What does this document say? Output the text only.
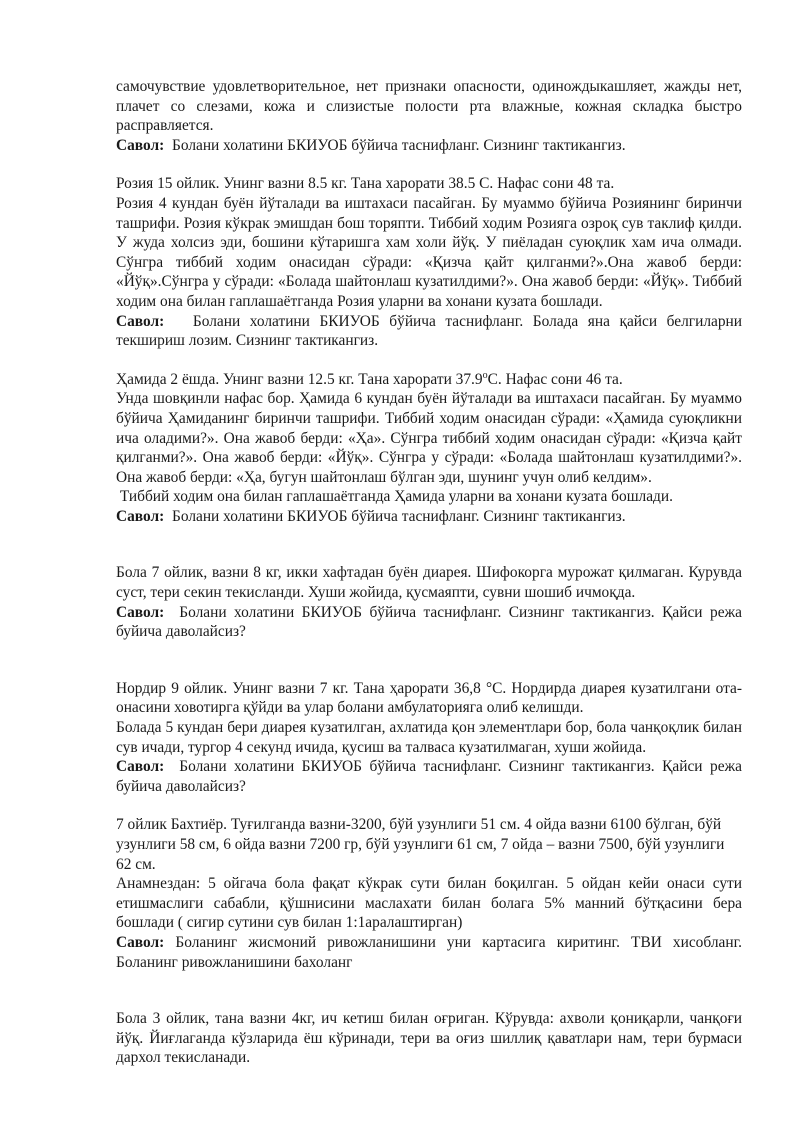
самочувствие удовлетворительное, нет признаки опасности, одинождыкашляет, жажды нет, плачет со слезами, кожа и слизистые полости рта влажные, кожная складка быстро расправляется.

Савол: Болани холатини БКИУОБ бўйича таснифланг. Сизнинг тактикангиз.

Розия 15 ойлик. Унинг вазни 8.5 кг. Тана харорати 38.5 С. Нафас сони 48 та.

Розия 4 кундан буён йўталади ва иштахаси пасайган. Бу муаммо бўйича Розиянинг биринчи ташрифи. Розия кўкрак эмишдан бош торяпти. Тиббий ходим Розияга озроқ сув таклиф қилди. У жуда холсиз эди, бошини кўтаришга хам холи йўқ. У пиёладан суюқлик хам ича олмади. Сўнгра тиббий ходим онасидан сўради: «Қизча қайт қилганми?».Она жавоб берди: «Йўқ».Сўнгра у сўради: «Болада шайтонлаш кузатилдими?». Она жавоб берди: «Йўқ». Тиббий ходим она билан гаплашаётганда Розия уларни ва хонани кузата бошлади.

Савол: Болани холатини БКИУОБ бўйича таснифланг. Болада яна қайси белгиларни текшириш лозим. Сизнинг тактикангиз.

Ҳамида 2 ёшда. Унинг вазни 12.5 кг. Тана харорати $37.9^оС$. Нафас сони 46 та.

Унда шовқинли нафас бор. Ҳамида 6 кундан буён йўталади ва иштахаси пасайган. Бу муаммо бўйича Ҳамиданинг биринчи ташрифи. Тиббий ходим онасидан сўради: «Ҳамида суюқликни ича оладими?». Она жавоб берди: «Ҳа». Сўнгра тиббий ходим онасидан сўради: «Қизча қайт қилганми?». Она жавоб берди: «Йўқ». Сўнгра у сўради: «Болада шайтонлаш кузатилдими?». Она жавоб берди: «Ҳа, бугун шайтонлаш бўлган эди, шунинг учун олиб келдим».

Тиббий ходим она билан гаплашаётганда Ҳамида уларни ва хонани кузата бошлади.

Савол: Болани холатини БКИУОБ бўйича таснифланг. Сизнинг тактикангиз.

Бола 7 ойлик, вазни 8 кг, икки хафтадан буён диарея. Шифокорга мурожат қилмаган. Курувда суст, тери секин текисланди. Хуши жойида, қусмаяпти, сувни шошиб ичмоқда.

Савол: Болани холатини БКИУОБ бўйича таснифланг. Сизнинг тактикангиз. Қайси режа буйича даволайсиз?

Нордир 9 ойлик. Унинг вазни 7 кг. Тана ҳарорати 36,8 °С. Нордирда диарея кузатилгани ота-онасини ховотирга қўйди ва улар болани амбулаторияга олиб келишди.

Болада 5 кундан бери диарея кузатилган, ахлатида қон элементлари бор, бола чанқоқлик билан сув ичади, тургор 4 секунд ичида, қусиш ва талваса кузатилмаган, хуши жойида.

Савол: Болани холатини БКИУОБ бўйича таснифланг. Сизнинг тактикангиз. Қайси режа буйича даволайсиз?

7 ойлик Бахтиёр. Туғилганда вазни-3200, бўй узунлиги 51 см. 4 ойда вазни 6100 бўлган, бўй узунлиги 58 см, 6 ойда вазни 7200 гр, бўй узунлиги 61 см, 7 ойда – вазни 7500, бўй узунлиги 62 см.

Анамнездан: 5 ойгача бола фақат кўкрак сути билан боқилган. 5 ойдан кейи онаси сути етишмаслиги сабабли, қўшнисини маслахати билан болага 5% манний бўтқасини бера бошлади ( сигир сутини сув билан 1:1аралаштирган)

Савол: Боланинг жисмоний ривожланишини уни картасига киритинг. ТВИ хисобланг. Боланинг ривожланишини бахоланг

Бола 3 ойлик, тана вазни 4кг, ич кетиш билан оғриган. Кўрувда: ахволи қониқарли, чанқоғи йўқ. Йиғлаганда кўзларида ёш кўринади, тери ва оғиз шиллиқ қаватлари нам, тери бурмаси дархол текисланади.
